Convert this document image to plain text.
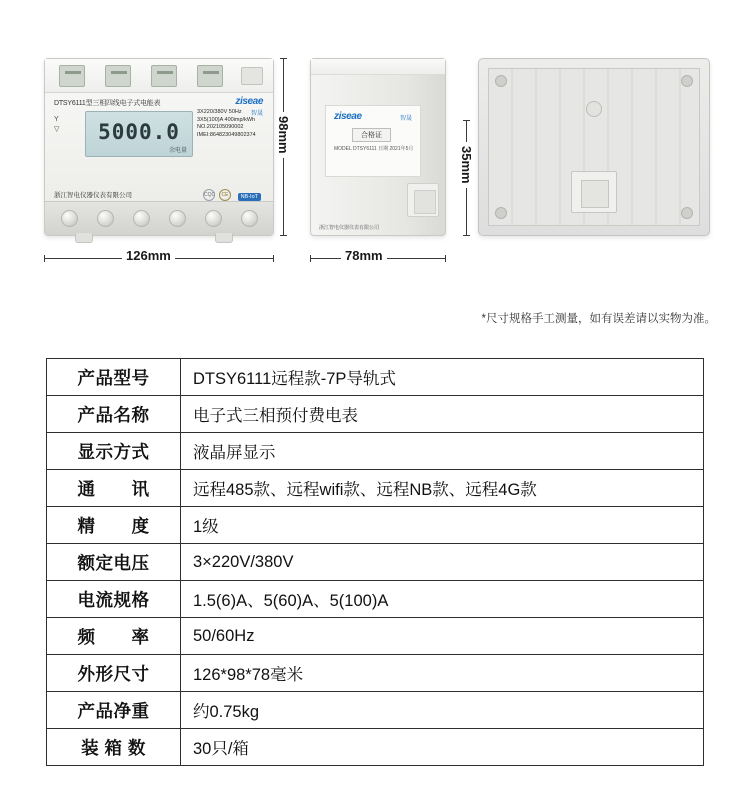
DTSY6111型三相四线电子式电能表	ziseae
智晟
5000.0
余电量
Y
▽
3X220/380V 50Hz
3X5(100)A 400imp/kWh
NO.202105090002
IMEI:864823049802374
浙江智电仪器仪表有限公司	CQC	CE	NB-IoT
ziseae	智晟
合格证
MODEL DTSY6111 日期 2021年5月
浙江智电仪器仪表有限公司
126mm	78mm
98mm
35mm
*尺寸规格手工测量，如有误差请以实物为准。
产品型号	DTSY6111远程款-7P导轨式
产品名称	电子式三相预付费电表
显示方式	液晶屏显示
通　　讯	远程485款、远程wifi款、远程NB款、远程4G款
精　　度	1级
额定电压	3×220V/380V
电流规格	1.5(6)A、5(60)A、5(100)A
频　　率	50/60Hz
外形尺寸	126*98*78毫米
产品净重	约0.75kg
装 箱 数	30只/箱
